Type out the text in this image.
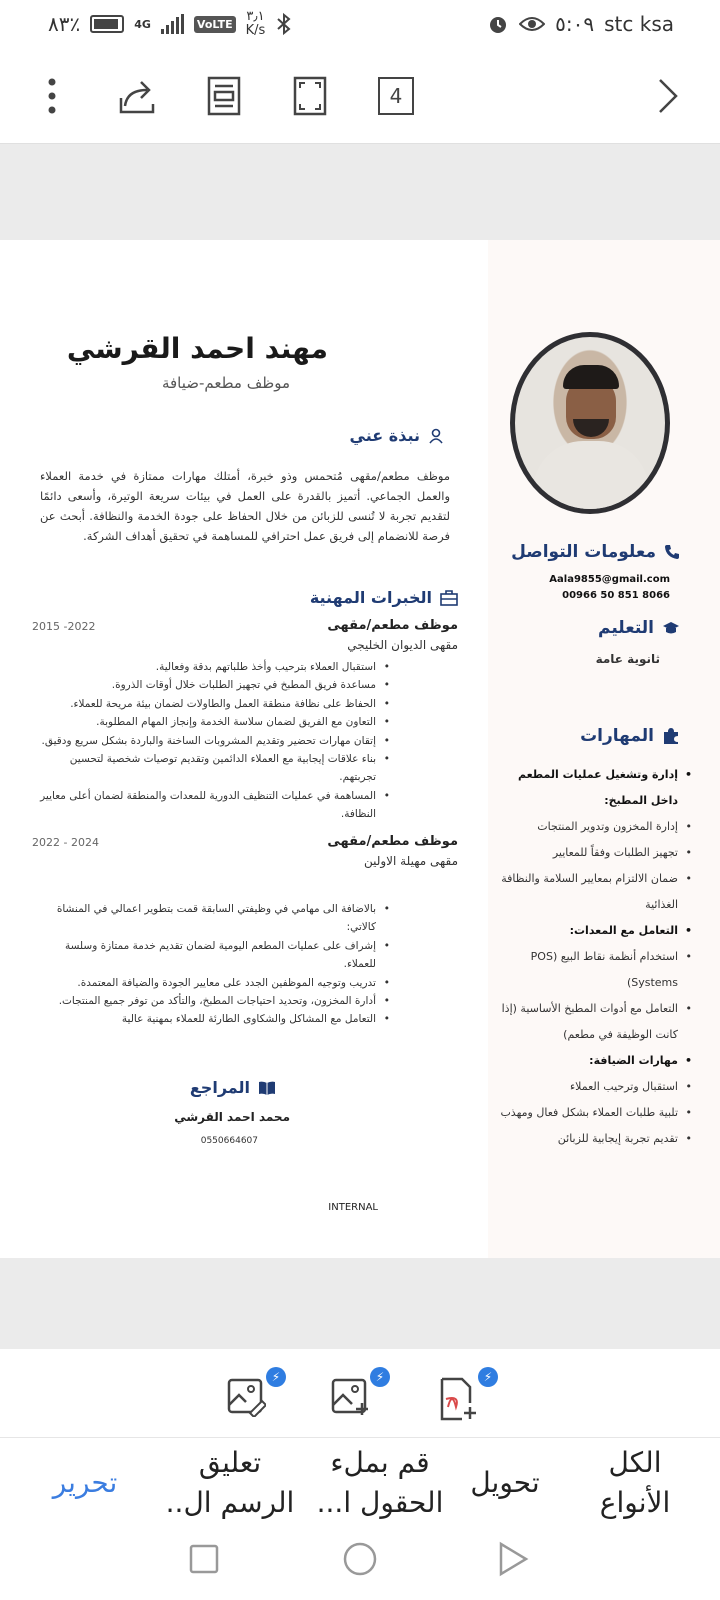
٨٣٪	4G	VoLTE ٣٫١
K/s	٥:٠٩ stc ksa
4
معلومات التواصل
Aala9855@gmail.com
00966 50 851 8066
التعليم
ثانوية عامة
المهارات
• إدارة وتشغيل عمليات المطعم داخل المطبخ:
• إدارة المخزون وتدوير المنتجات
• تجهيز الطلبات وفقاً للمعايير
• ضمان الالتزام بمعايير السلامة والنظافة الغذائية
• التعامل مع المعدات:
• استخدام أنظمة نقاط البيع (POS Systems)
• التعامل مع أدوات المطبخ الأساسية (إذا كانت الوظيفة في مطعم)
• مهارات الضيافة:
• استقبال وترحيب العملاء
• تلبية طلبات العملاء بشكل فعال ومهذب
• تقديم تجربة إيجابية للزبائن
مهند احمد القرشي
موظف مطعم-ضيافة
نبذة عني

موظف مطعم/مقهى مُتحمس وذو خبرة، أمتلك مهارات ممتازة في خدمة العملاء والعمل الجماعي. أتميز بالقدرة على العمل في بيئات سريعة الوتيرة، وأسعى دائمًا لتقديم تجربة لا تُنسى للزبائن من خلال الحفاظ على جودة الخدمة والنظافة. أبحث عن فرصة للانضمام إلى فريق عمل احترافي للمساهمة في تحقيق أهداف الشركة.

الخبرات المهنية
موظف مطعم/مقهى
مقهى الديوان الخليجي
2015 -2022
• استقبال العملاء بترحيب وأخذ طلباتهم بدقة وفعالية.
• مساعدة فريق المطبخ في تجهيز الطلبات خلال أوقات الذروة.
• الحفاظ على نظافة منطقة العمل والطاولات لضمان بيئة مريحة للعملاء.
• التعاون مع الفريق لضمان سلاسة الخدمة وإنجاز المهام المطلوبة.
• إتقان مهارات تحضير وتقديم المشروبات الساخنة والباردة بشكل سريع ودقيق.
• بناء علاقات إيجابية مع العملاء الدائمين وتقديم توصيات شخصية لتحسين تجربتهم.
• المساهمة في عمليات التنظيف الدورية للمعدات والمنطقة لضمان أعلى معايير النظافة.
موظف مطعم/مقهى
مقهى مهيلة الاولين
2022 - 2024
• بالاضافة الى مهامي في وظيفتي السابقة قمت بتطوير اعمالي في المنشاة كالاتي:
• إشراف على عمليات المطعم اليومية لضمان تقديم خدمة ممتازة وسلسة للعملاء.
• تدريب وتوجيه الموظفين الجدد على معايير الجودة والضيافة المعتمدة.
• أدارة المخزون، وتحديد احتياجات المطبخ، والتأكد من توفر جميع المنتجات.
• التعامل مع المشاكل والشكاوى الطارئة للعملاء بمهنية عالية
المراجع
محمد احمد القرشي
0550664607
INTERNAL
⚡	⚡	⚡
تحرير
تعليق
الرسم ال..
قم بملء
الحقول ا...
تحويل
الكل
الأنواع
